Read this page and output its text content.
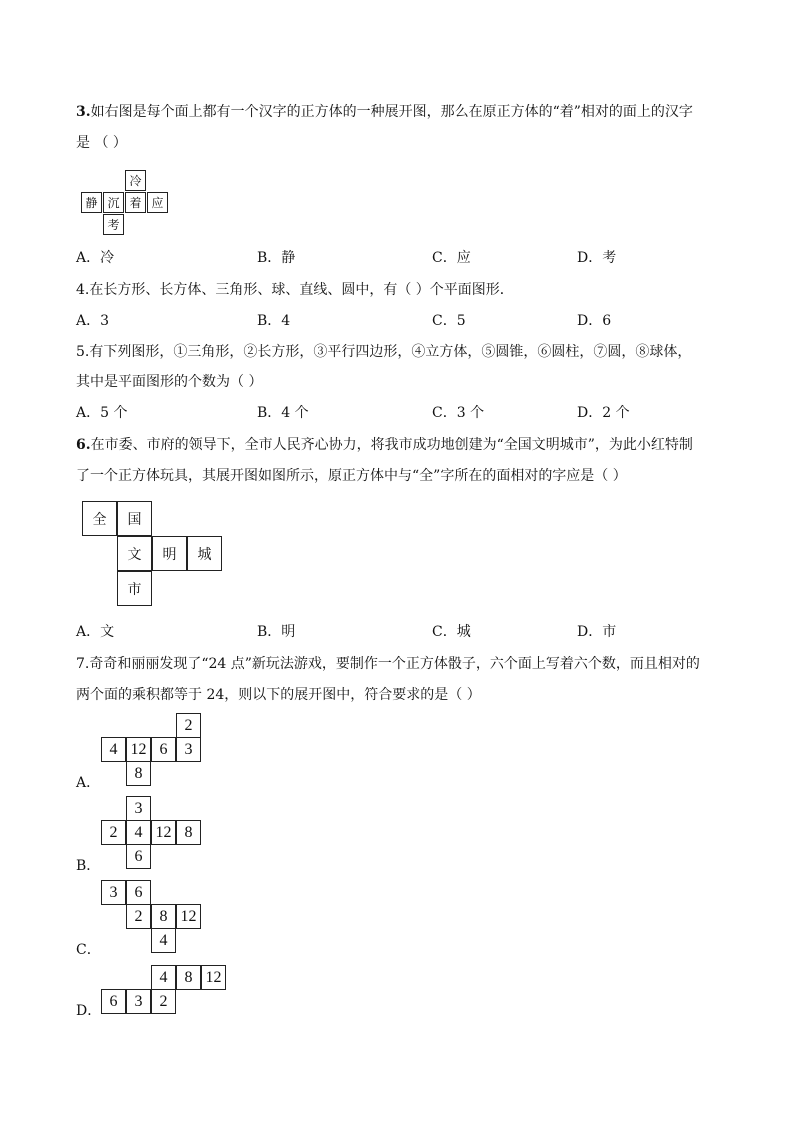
3.如右图是每个面上都有一个汉字的正方体的一种展开图，那么在原正方体的“着”相对的面上的汉字
是 （ ）
冷
静 沉 着 应
考
A．冷	B．静	C．应	D．考
4.在长方形、长方体、三角形、球、直线、圆中，有（ ）个平面图形．
A．3	B．4	C．5	D．6
5.有下列图形，①三角形，②长方形，③平行四边形，④立方体，⑤圆锥，⑥圆柱，⑦圆，⑧球体，
其中是平面图形的个数为（ ）
A．5 个	B．4 个	C．3 个	D．2 个
6.在市委、市府的领导下，全市人民齐心协力，将我市成功地创建为“全国文明城市”，为此小红特制
了一个正方体玩具，其展开图如图所示，原正方体中与“全”字所在的面相对的字应是（ ）
全	国
文	明	城
市
A．文	B．明	C．城	D．市
7.奇奇和丽丽发现了“24 点”新玩法游戏，要制作一个正方体骰子，六个面上写着六个数，而且相对的
两个面的乘积都等于 24，则以下的展开图中，符合要求的是（ ）
2
4 12 6	3
8
A．
3
2	4 12 8
6
B．
3	6
2	8 12
4
C．
4	8 12
6	3	2
D．
